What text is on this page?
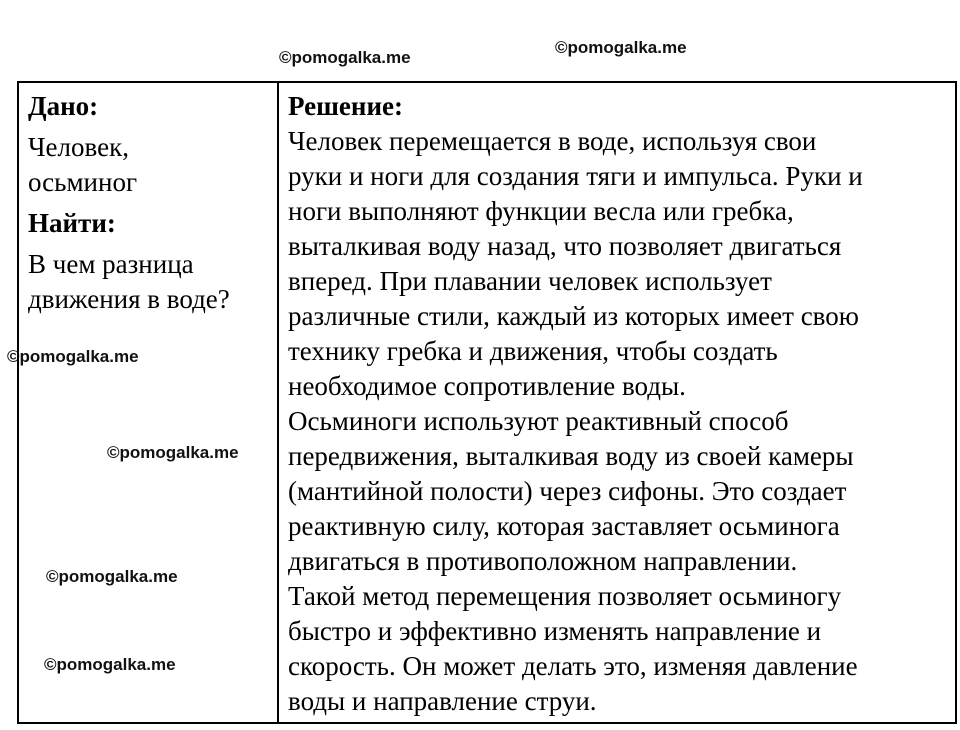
©pomogalka.me
©pomogalka.me
©pomogalka.me
©pomogalka.me
©pomogalka.me
©pomogalka.me
Дано:
Человек,
осьминог
Найти:
В чем разница
движения в воде?
Решение:
Человек перемещается в воде, используя свои
руки и ноги для создания тяги и импульса. Руки и
ноги выполняют функции весла или гребка,
выталкивая воду назад, что позволяет двигаться
вперед. При плавании человек использует
различные стили, каждый из которых имеет свою
технику гребка и движения, чтобы создать
необходимое сопротивление воды.
Осьминоги используют реактивный способ
передвижения, выталкивая воду из своей камеры
(мантийной полости) через сифоны. Это создает
реактивную силу, которая заставляет осьминога
двигаться в противоположном направлении.
Такой метод перемещения позволяет осьминогу
быстро и эффективно изменять направление и
скорость. Он может делать это, изменяя давление
воды и направление струи.
